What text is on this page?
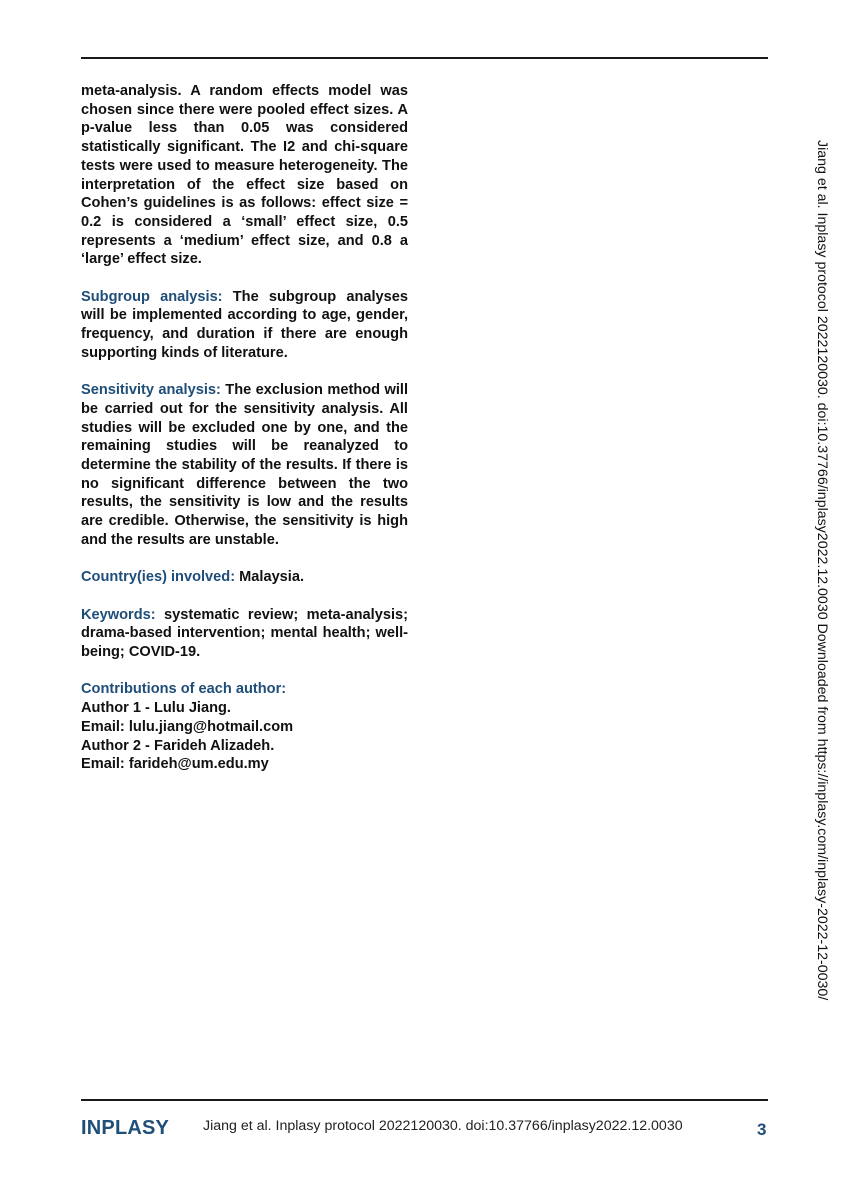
meta-analysis. A random effects model was chosen since there were pooled effect sizes. A p-value less than 0.05 was considered statistically significant. The I2 and chi-square tests were used to measure heterogeneity. The interpretation of the effect size based on Cohen’s guidelines is as follows: effect size = 0.2 is considered a ‘small’ effect size, 0.5 represents a ‘medium’ effect size, and 0.8 a ‘large’ effect size.

Subgroup analysis: The subgroup analyses will be implemented according to age, gender, frequency, and duration if there are enough supporting kinds of literature.

Sensitivity analysis: The exclusion method will be carried out for the sensitivity analysis. All studies will be excluded one by one, and the remaining studies will be reanalyzed to determine the stability of the results. If there is no significant difference between the two results, the sensitivity is low and the results are credible. Otherwise, the sensitivity is high and the results are unstable.

Country(ies) involved: Malaysia.

Keywords: systematic review; meta-analysis; drama-based intervention; mental health; well-being; COVID-19.

Contributions of each author:
Author 1 - Lulu Jiang.
Email: lulu.jiang@hotmail.com
Author 2 - Farideh Alizadeh.
Email: farideh@um.edu.my	Jiang et al. Inplasy protocol 2022120030. doi:10.37766/inplasy2022.12.0030 Downloaded from https://inplasy.com/inplasy-2022-12-0030/
INPLASY Jiang et al. Inplasy protocol 2022120030. doi:10.37766/inplasy2022.12.0030	3
